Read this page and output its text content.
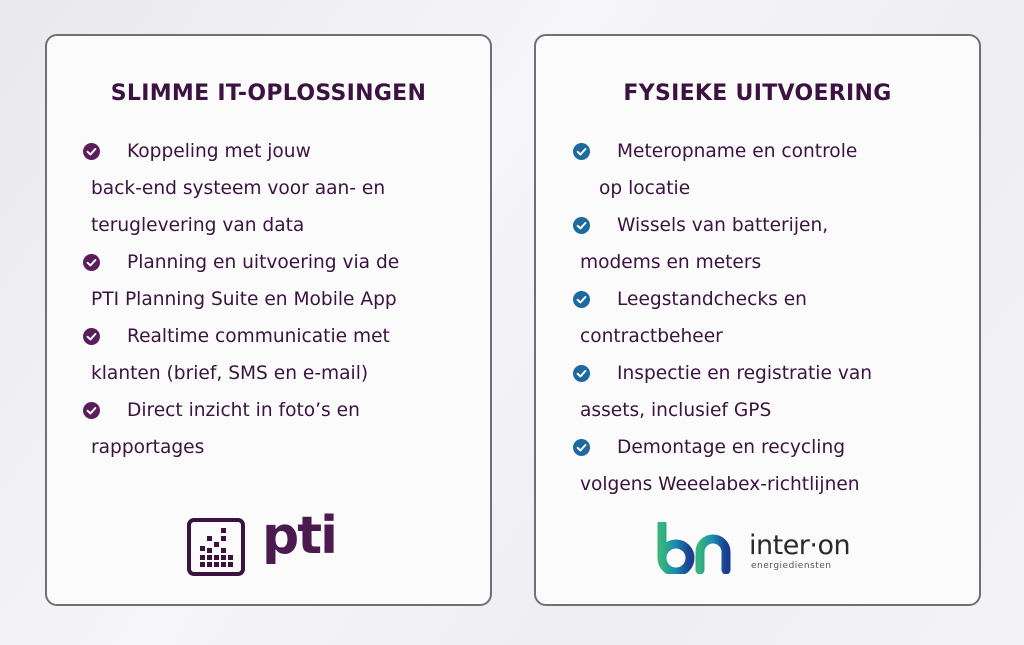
SLIMME IT-OPLOSSINGEN
Koppeling met jouw
back-end systeem voor aan- en
teruglevering van data
Planning en uitvoering via de
PTI Planning Suite en Mobile App
Realtime communicatie met
klanten (brief, SMS en e-mail)
Direct inzicht in foto’s en
rapportages
pti
FYSIEKE UITVOERING
Meteropname en controle
op locatie
Wissels van batterijen,
modems en meters
Leegstandchecks en
contractbeheer
Inspectie en registratie van
assets, inclusief GPS
Demontage en recycling
volgens Weeelabex-richtlijnen
inter·on
energiediensten
